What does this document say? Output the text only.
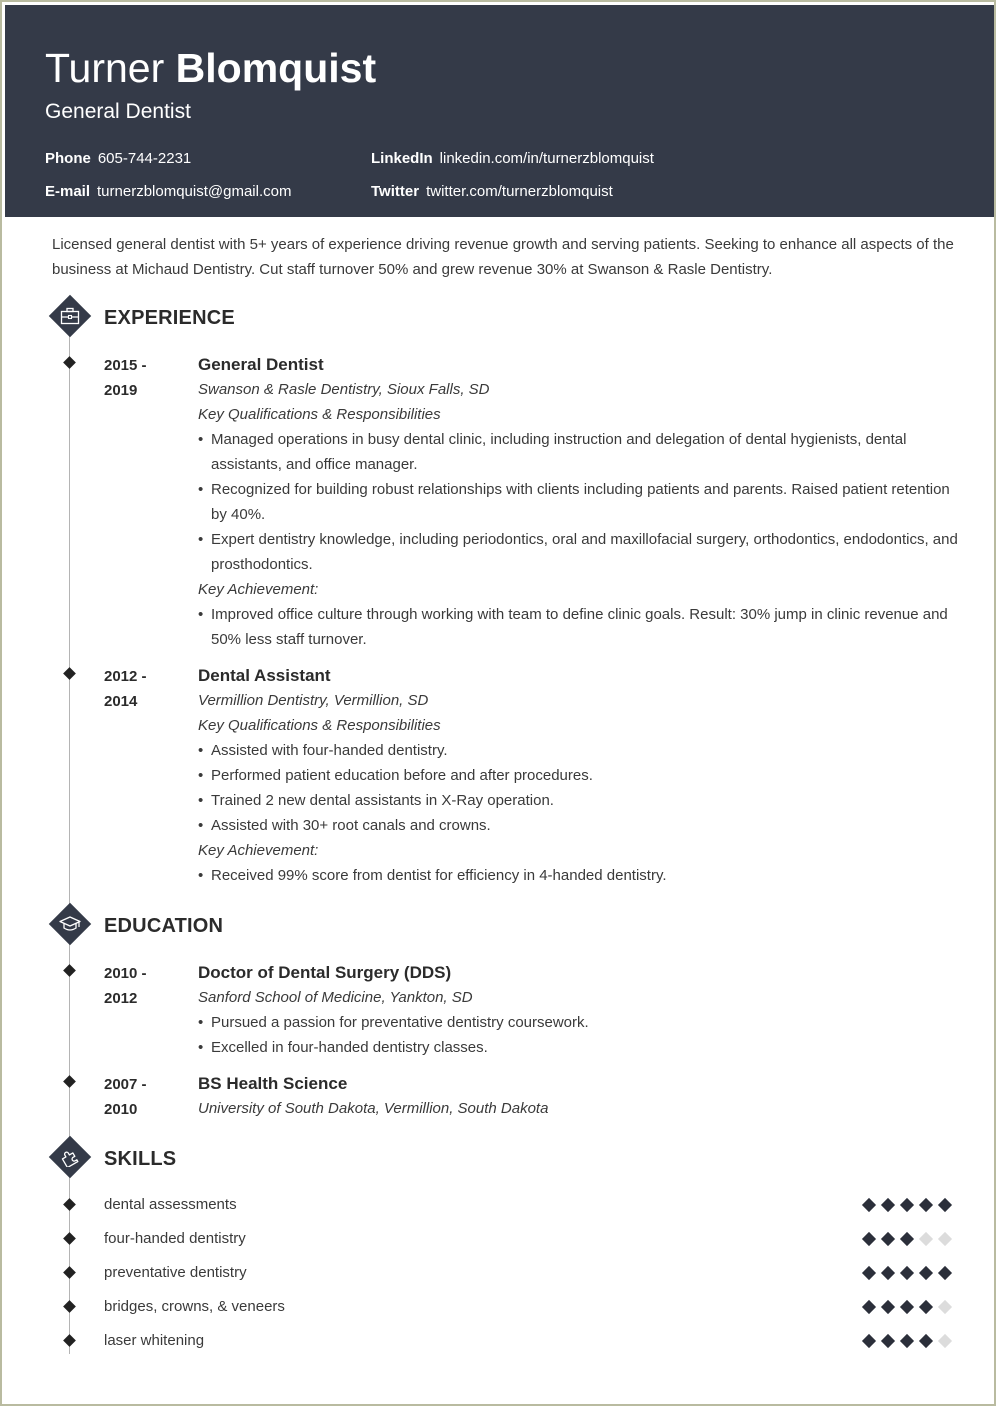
Turner Blomquist
General Dentist
Phone 605-744-2231	LinkedIn linkedin.com/in/turnerzblomquist
E-mail turnerzblomquist@gmail.com	Twitter twitter.com/turnerzblomquist
Licensed general dentist with 5+ years of experience driving revenue growth and serving patients. Seeking to enhance all aspects of the business at Michaud Dentistry. Cut staff turnover 50% and grew revenue 30% at Swanson & Rasle Dentistry.
EXPERIENCE
2015 -
2019
General Dentist
Swanson & Rasle Dentistry, Sioux Falls, SD
Key Qualifications & Responsibilities
• Managed operations in busy dental clinic, including instruction and delegation of dental hygienists, dental assistants, and office manager.
• Recognized for building robust relationships with clients including patients and parents. Raised patient retention by 40%.
• Expert dentistry knowledge, including periodontics, oral and maxillofacial surgery, orthodontics, endodontics, and prosthodontics.
Key Achievement:
• Improved office culture through working with team to define clinic goals. Result: 30% jump in clinic revenue and 50% less staff turnover.
2012 -
2014
Dental Assistant
Vermillion Dentistry, Vermillion, SD
Key Qualifications & Responsibilities
• Assisted with four-handed dentistry.
• Performed patient education before and after procedures.
• Trained 2 new dental assistants in X-Ray operation.
• Assisted with 30+ root canals and crowns.
Key Achievement:
• Received 99% score from dentist for efficiency in 4-handed dentistry.
EDUCATION
2010 -
2012
Doctor of Dental Surgery (DDS)
Sanford School of Medicine, Yankton, SD
• Pursued a passion for preventative dentistry coursework.
• Excelled in four-handed dentistry classes.
2007 -
2010
BS Health Science
University of South Dakota, Vermillion, South Dakota
SKILLS
dental assessments
four-handed dentistry
preventative dentistry
bridges, crowns, & veneers
laser whitening
